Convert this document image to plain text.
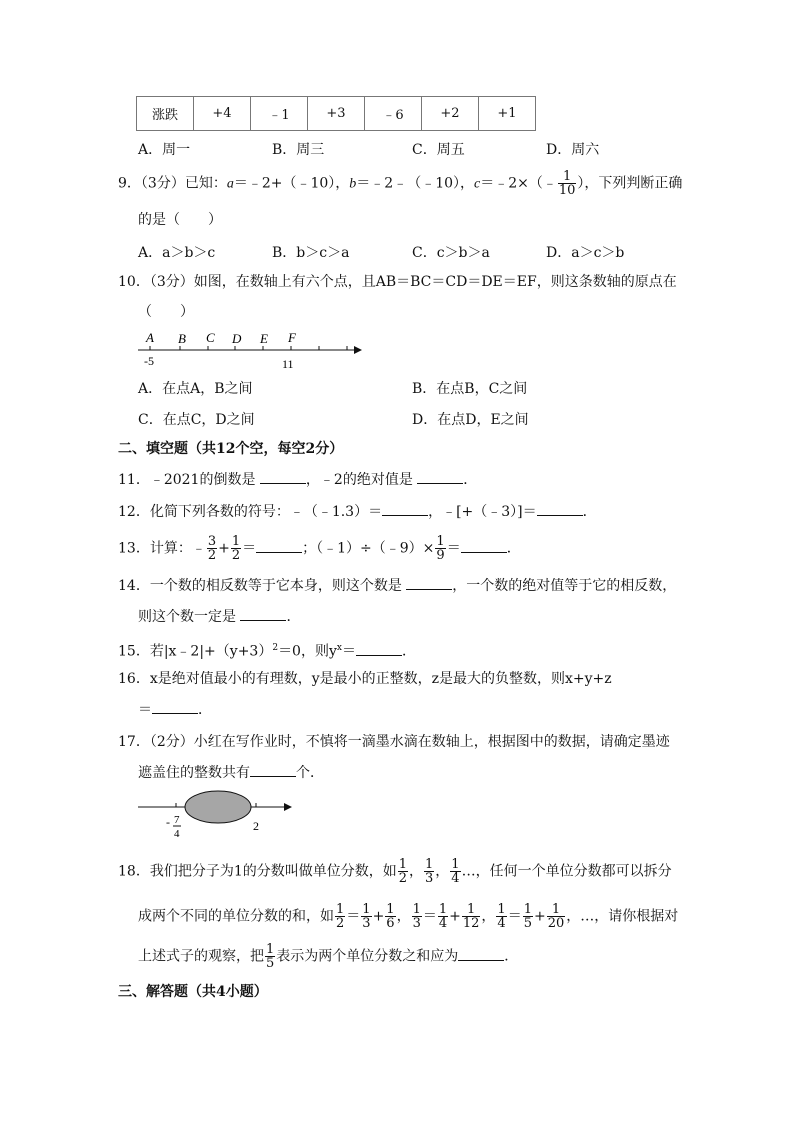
涨跌	+4	﹣1	+3	﹣6	+2	+1
A．周一	B．周三	C．周五	D．周六
9．（3分）已知：a＝﹣2+（﹣10），b＝﹣2﹣（﹣10），c＝﹣2×（﹣ $\frac{1}{10}$ ），下列判断正确
的是（　　）
A．a＞b＞c	B．b＞c＞a	C．c＞b＞a	D．a＞c＞b
10．（3分）如图，在数轴上有六个点，且AB＝BC＝CD＝DE＝EF，则这条数轴的原点在
（　　）
A B C D E F
-5	11
A．在点A，B之间	B．在点B，C之间
C．在点C，D之间	D．在点D，E之间
二、填空题（共12个空，每空2分）
11．﹣2021的倒数是	，﹣2的绝对值是	．
12．化简下列各数的符号：﹣（﹣1.3）＝	，﹣[+（﹣3）]＝	．
13．计算：﹣ $\frac{3}{2} + \frac{1}{2}$ ＝	；（﹣1）÷（﹣9）× $\frac{1}{9}$ ＝	．
14．一个数的相反数等于它本身，则这个数是	，一个数的绝对值等于它的相反数，
则这个数一定是	．
15．若$|x﹣2|+(y+3)^2=0$，则$y^x=$	．
16．x是绝对值最小的有理数，y是最小的正整数，z是最大的负整数，则x+y+z
＝	．
17．（2分）小红在写作业时，不慎将一滴墨水滴在数轴上，根据图中的数据，请确定墨迹
遮盖住的整数共有	个．
- 7
4
2
18．我们把分子为1的分数叫做单位分数，如 $\frac{1}{2}$ ， $\frac{1}{3}$ ， $\frac{1}{4}$ …，任何一个单位分数都可以拆分
成两个不同的单位分数的和，如 $\frac{1}{2} = \frac{1}{3} + \frac{1}{6}$ ， $\frac{1}{3} = \frac{1}{4} + \frac{1}{12}$ ， $\frac{1}{4} = \frac{1}{5} + \frac{1}{20}$ ，…，请你根据对
上述式子的观察，把 $\frac{1}{5}$ 表示为两个单位分数之和应为	．
三、解答题（共4小题）
